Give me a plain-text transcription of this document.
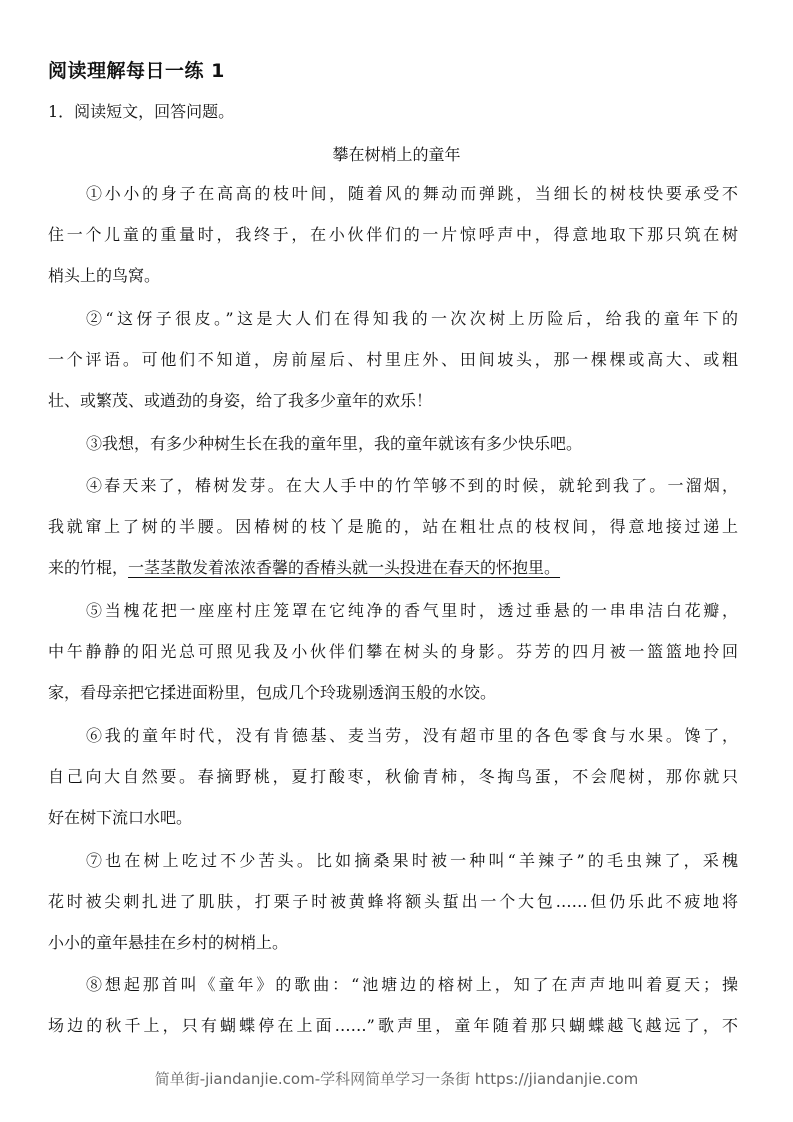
阅读理解每日一练 1
1．阅读短文，回答问题。
攀在树梢上的童年
①小小的身子在高高的枝叶间，随着风的舞动而弹跳，当细长的树枝快要承受不
住一个儿童的重量时，我终于，在小伙伴们的一片惊呼声中，得意地取下那只筑在树
梢头上的鸟窝。
②“这伢子很皮。”这是大人们在得知我的一次次树上历险后，给我的童年下的
一个评语。可他们不知道，房前屋后、村里庄外、田间坡头，那一棵棵或高大、或粗
壮、或繁茂、或遒劲的身姿，给了我多少童年的欢乐！
③我想，有多少种树生长在我的童年里，我的童年就该有多少快乐吧。
④春天来了，椿树发芽。在大人手中的竹竿够不到的时候，就轮到我了。一溜烟，
我就窜上了树的半腰。因椿树的枝丫是脆的，站在粗壮点的枝杈间，得意地接过递上
来的竹棍，一茎茎散发着浓浓香馨的香椿头就一头投进在春天的怀抱里。
⑤当槐花把一座座村庄笼罩在它纯净的香气里时，透过垂悬的一串串洁白花瓣，
中午静静的阳光总可照见我及小伙伴们攀在树头的身影。芬芳的四月被一篮篮地拎回
家，看母亲把它揉进面粉里，包成几个玲珑剔透润玉般的水饺。
⑥我的童年时代，没有肯德基、麦当劳，没有超市里的各色零食与水果。馋了，
自己向大自然要。春摘野桃，夏打酸枣，秋偷青柿，冬掏鸟蛋，不会爬树，那你就只
好在树下流口水吧。
⑦也在树上吃过不少苦头。比如摘桑果时被一种叫“羊辣子”的毛虫辣了，采槐
花时被尖刺扎进了肌肤，打栗子时被黄蜂将额头蜇出一个大包……但仍乐此不疲地将
小小的童年悬挂在乡村的树梢上。
⑧想起那首叫《童年》的歌曲：“池塘边的榕树上，知了在声声地叫着夏天；操
场边的秋千上，只有蝴蝶停在上面……”歌声里，童年随着那只蝴蝶越飞越远了，不
简单街-jiandanjie.com-学科网简单学习一条街 https://jiandanjie.com
